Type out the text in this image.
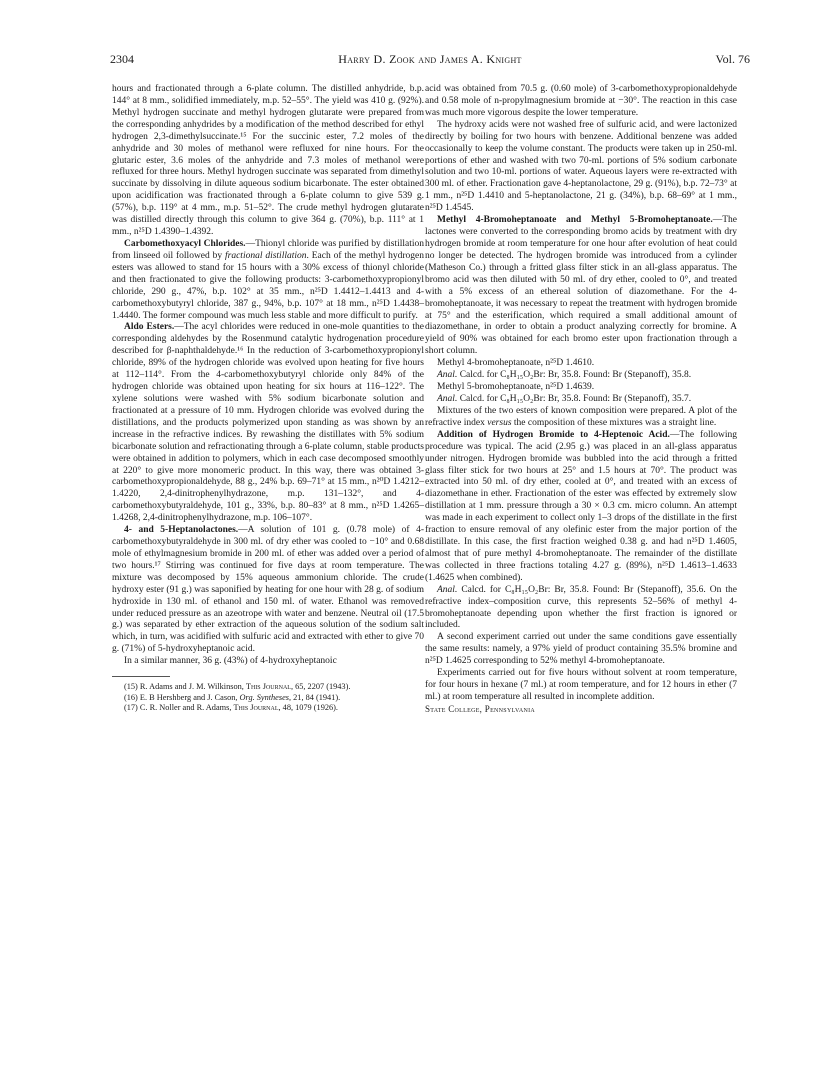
2304	Harry D. Zook and James A. Knight	Vol. 76

hours and fractionated through a 6-plate column. The distilled anhydride, b.p. 144° at 8 mm., solidified immediately, m.p. 52–55°. The yield was 410 g. (92%). Methyl hydrogen succinate and methyl hydrogen glutarate were prepared from the corresponding anhydrides by a modification of the method described for ethyl hydrogen 2,3-dimethylsuccinate.¹⁵ For the succinic ester, 7.2 moles of the anhydride and 30 moles of methanol were refluxed for nine hours. For the glutaric ester, 3.6 moles of the anhydride and 7.3 moles of methanol were refluxed for three hours. Methyl hydrogen succinate was separated from dimethyl succinate by dissolving in dilute aqueous sodium bicarbonate. The ester obtained upon acidification was fractionated through a 6-plate column to give 539 g. (57%), b.p. 119° at 4 mm., m.p. 51–52°. The crude methyl hydrogen glutarate was distilled directly through this column to give 364 g. (70%), b.p. 111° at 1 mm., n²⁵D 1.4390–1.4392.

Carbomethoxyacyl Chlorides.—Thionyl chloride was purified by distillation from linseed oil followed by fractional distillation. Each of the methyl hydrogen esters was allowed to stand for 15 hours with a 30% excess of thionyl chloride and then fractionated to give the following products: 3-carbomethoxypropionyl chloride, 290 g., 47%, b.p. 102° at 35 mm., n²⁵D 1.4412–1.4413 and 4-carbomethoxybutyryl chloride, 387 g., 94%, b.p. 107° at 18 mm., n²⁵D 1.4438–1.4440. The former compound was much less stable and more difficult to purify.

Aldo Esters.—The acyl chlorides were reduced in one-mole quantities to the corresponding aldehydes by the Rosenmund catalytic hydrogenation procedure described for β-naphthaldehyde.¹⁶ In the reduction of 3-carbomethoxypropionyl chloride, 89% of the hydrogen chloride was evolved upon heating for five hours at 112–114°. From the 4-carbomethoxybutyryl chloride only 84% of the hydrogen chloride was obtained upon heating for six hours at 116–122°. The xylene solutions were washed with 5% sodium bicarbonate solution and fractionated at a pressure of 10 mm. Hydrogen chloride was evolved during the distillations, and the products polymerized upon standing as was shown by an increase in the refractive indices. By rewashing the distillates with 5% sodium bicarbonate solution and refractionating through a 6-plate column, stable products were obtained in addition to polymers, which in each case decomposed smoothly at 220° to give more monomeric product. In this way, there was obtained 3-carbomethoxypropionaldehyde, 88 g., 24% b.p. 69–71° at 15 mm., n²⁰D 1.4212–1.4220, 2,4-dinitrophenylhydrazone, m.p. 131–132°, and 4-carbomethoxybutyraldehyde, 101 g., 33%, b.p. 80–83° at 8 mm., n²⁵D 1.4265–1.4268, 2,4-dinitrophenylhydrazone, m.p. 106–107°.

4- and 5-Heptanolactones.—A solution of 101 g. (0.78 mole) of 4-carbomethoxybutyraldehyde in 300 ml. of dry ether was cooled to −10° and 0.68 mole of ethylmagnesium bromide in 200 ml. of ether was added over a period of two hours.¹⁷ Stirring was continued for five days at room temperature. The mixture was decomposed by 15% aqueous ammonium chloride. The crude hydroxy ester (91 g.) was saponified by heating for one hour with 28 g. of sodium hydroxide in 130 ml. of ethanol and 150 ml. of water. Ethanol was removed under reduced pressure as an azeotrope with water and benzene. Neutral oil (17.5 g.) was separated by ether extraction of the aqueous solution of the sodium salt which, in turn, was acidified with sulfuric acid and extracted with ether to give 70 g. (71%) of 5-hydroxyheptanoic acid.

In a similar manner, 36 g. (43%) of 4-hydroxyheptanoic

(15) R. Adams and J. M. Wilkinson, This Journal, 65, 2207 (1943).

(16) E. B Hershberg and J. Cason, Org. Syntheses, 21, 84 (1941).

(17) C. R. Noller and R. Adams, This Journal, 48, 1079 (1926).

acid was obtained from 70.5 g. (0.60 mole) of 3-carbomethoxypropionaldehyde and 0.58 mole of n-propylmagnesium bromide at −30°. The reaction in this case was much more vigorous despite the lower temperature.

The hydroxy acids were not washed free of sulfuric acid, and were lactonized directly by boiling for two hours with benzene. Additional benzene was added occasionally to keep the volume constant. The products were taken up in 250-ml. portions of ether and washed with two 70-ml. portions of 5% sodium carbonate solution and two 10-ml. portions of water. Aqueous layers were re-extracted with 300 ml. of ether. Fractionation gave 4-heptanolactone, 29 g. (91%), b.p. 72–73° at 1 mm., n²⁵D 1.4410 and 5-heptanolactone, 21 g. (34%), b.p. 68–69° at 1 mm., n²⁵D 1.4545.

Methyl 4-Bromoheptanoate and Methyl 5-Bromoheptanoate.—The lactones were converted to the corresponding bromo acids by treatment with dry hydrogen bromide at room temperature for one hour after evolution of heat could no longer be detected. The hydrogen bromide was introduced from a cylinder (Matheson Co.) through a fritted glass filter stick in an all-glass apparatus. The bromo acid was then diluted with 50 ml. of dry ether, cooled to 0°, and treated with a 5% excess of an ethereal solution of diazomethane. For the 4-bromoheptanoate, it was necessary to repeat the treatment with hydrogen bromide at 75° and the esterification, which required a small additional amount of diazomethane, in order to obtain a product analyzing correctly for bromine. A yield of 90% was obtained for each bromo ester upon fractionation through a short column.

Methyl 4-bromoheptanoate, n²⁵D 1.4610.

Anal. Calcd. for C₈H₁₅O₂Br: Br, 35.8. Found: Br (Stepanoff), 35.8.

Methyl 5-bromoheptanoate, n²⁵D 1.4639.

Anal. Calcd. for C₈H₁₅O₂Br: Br, 35.8. Found: Br (Stepanoff), 35.7.

Mixtures of the two esters of known composition were prepared. A plot of the refractive index versus the composition of these mixtures was a straight line.

Addition of Hydrogen Bromide to 4-Heptenoic Acid.—The following procedure was typical. The acid (2.95 g.) was placed in an all-glass apparatus under nitrogen. Hydrogen bromide was bubbled into the acid through a fritted glass filter stick for two hours at 25° and 1.5 hours at 70°. The product was extracted into 50 ml. of dry ether, cooled at 0°, and treated with an excess of diazomethane in ether. Fractionation of the ester was effected by extremely slow distillation at 1 mm. pressure through a 30 × 0.3 cm. micro column. An attempt was made in each experiment to collect only 1–3 drops of the distillate in the first fraction to ensure removal of any olefinic ester from the major portion of the distillate. In this case, the first fraction weighed 0.38 g. and had n²⁵D 1.4605, almost that of pure methyl 4-bromoheptanoate. The remainder of the distillate was collected in three fractions totaling 4.27 g. (89%), n²⁵D 1.4613–1.4633 (1.4625 when combined).

Anal. Calcd. for C₈H₁₅O₂Br: Br, 35.8. Found: Br (Stepanoff), 35.6. On the refractive index–composition curve, this represents 52–56% of methyl 4-bromoheptanoate depending upon whether the first fraction is ignored or included.

A second experiment carried out under the same conditions gave essentially the same results: namely, a 97% yield of product containing 35.5% bromine and n²⁵D 1.4625 corresponding to 52% methyl 4-bromoheptanoate.

Experiments carried out for five hours without solvent at room temperature, for four hours in hexane (7 ml.) at room temperature, and for 12 hours in ether (7 ml.) at room temperature all resulted in incomplete addition.

State College, Pennsylvania
